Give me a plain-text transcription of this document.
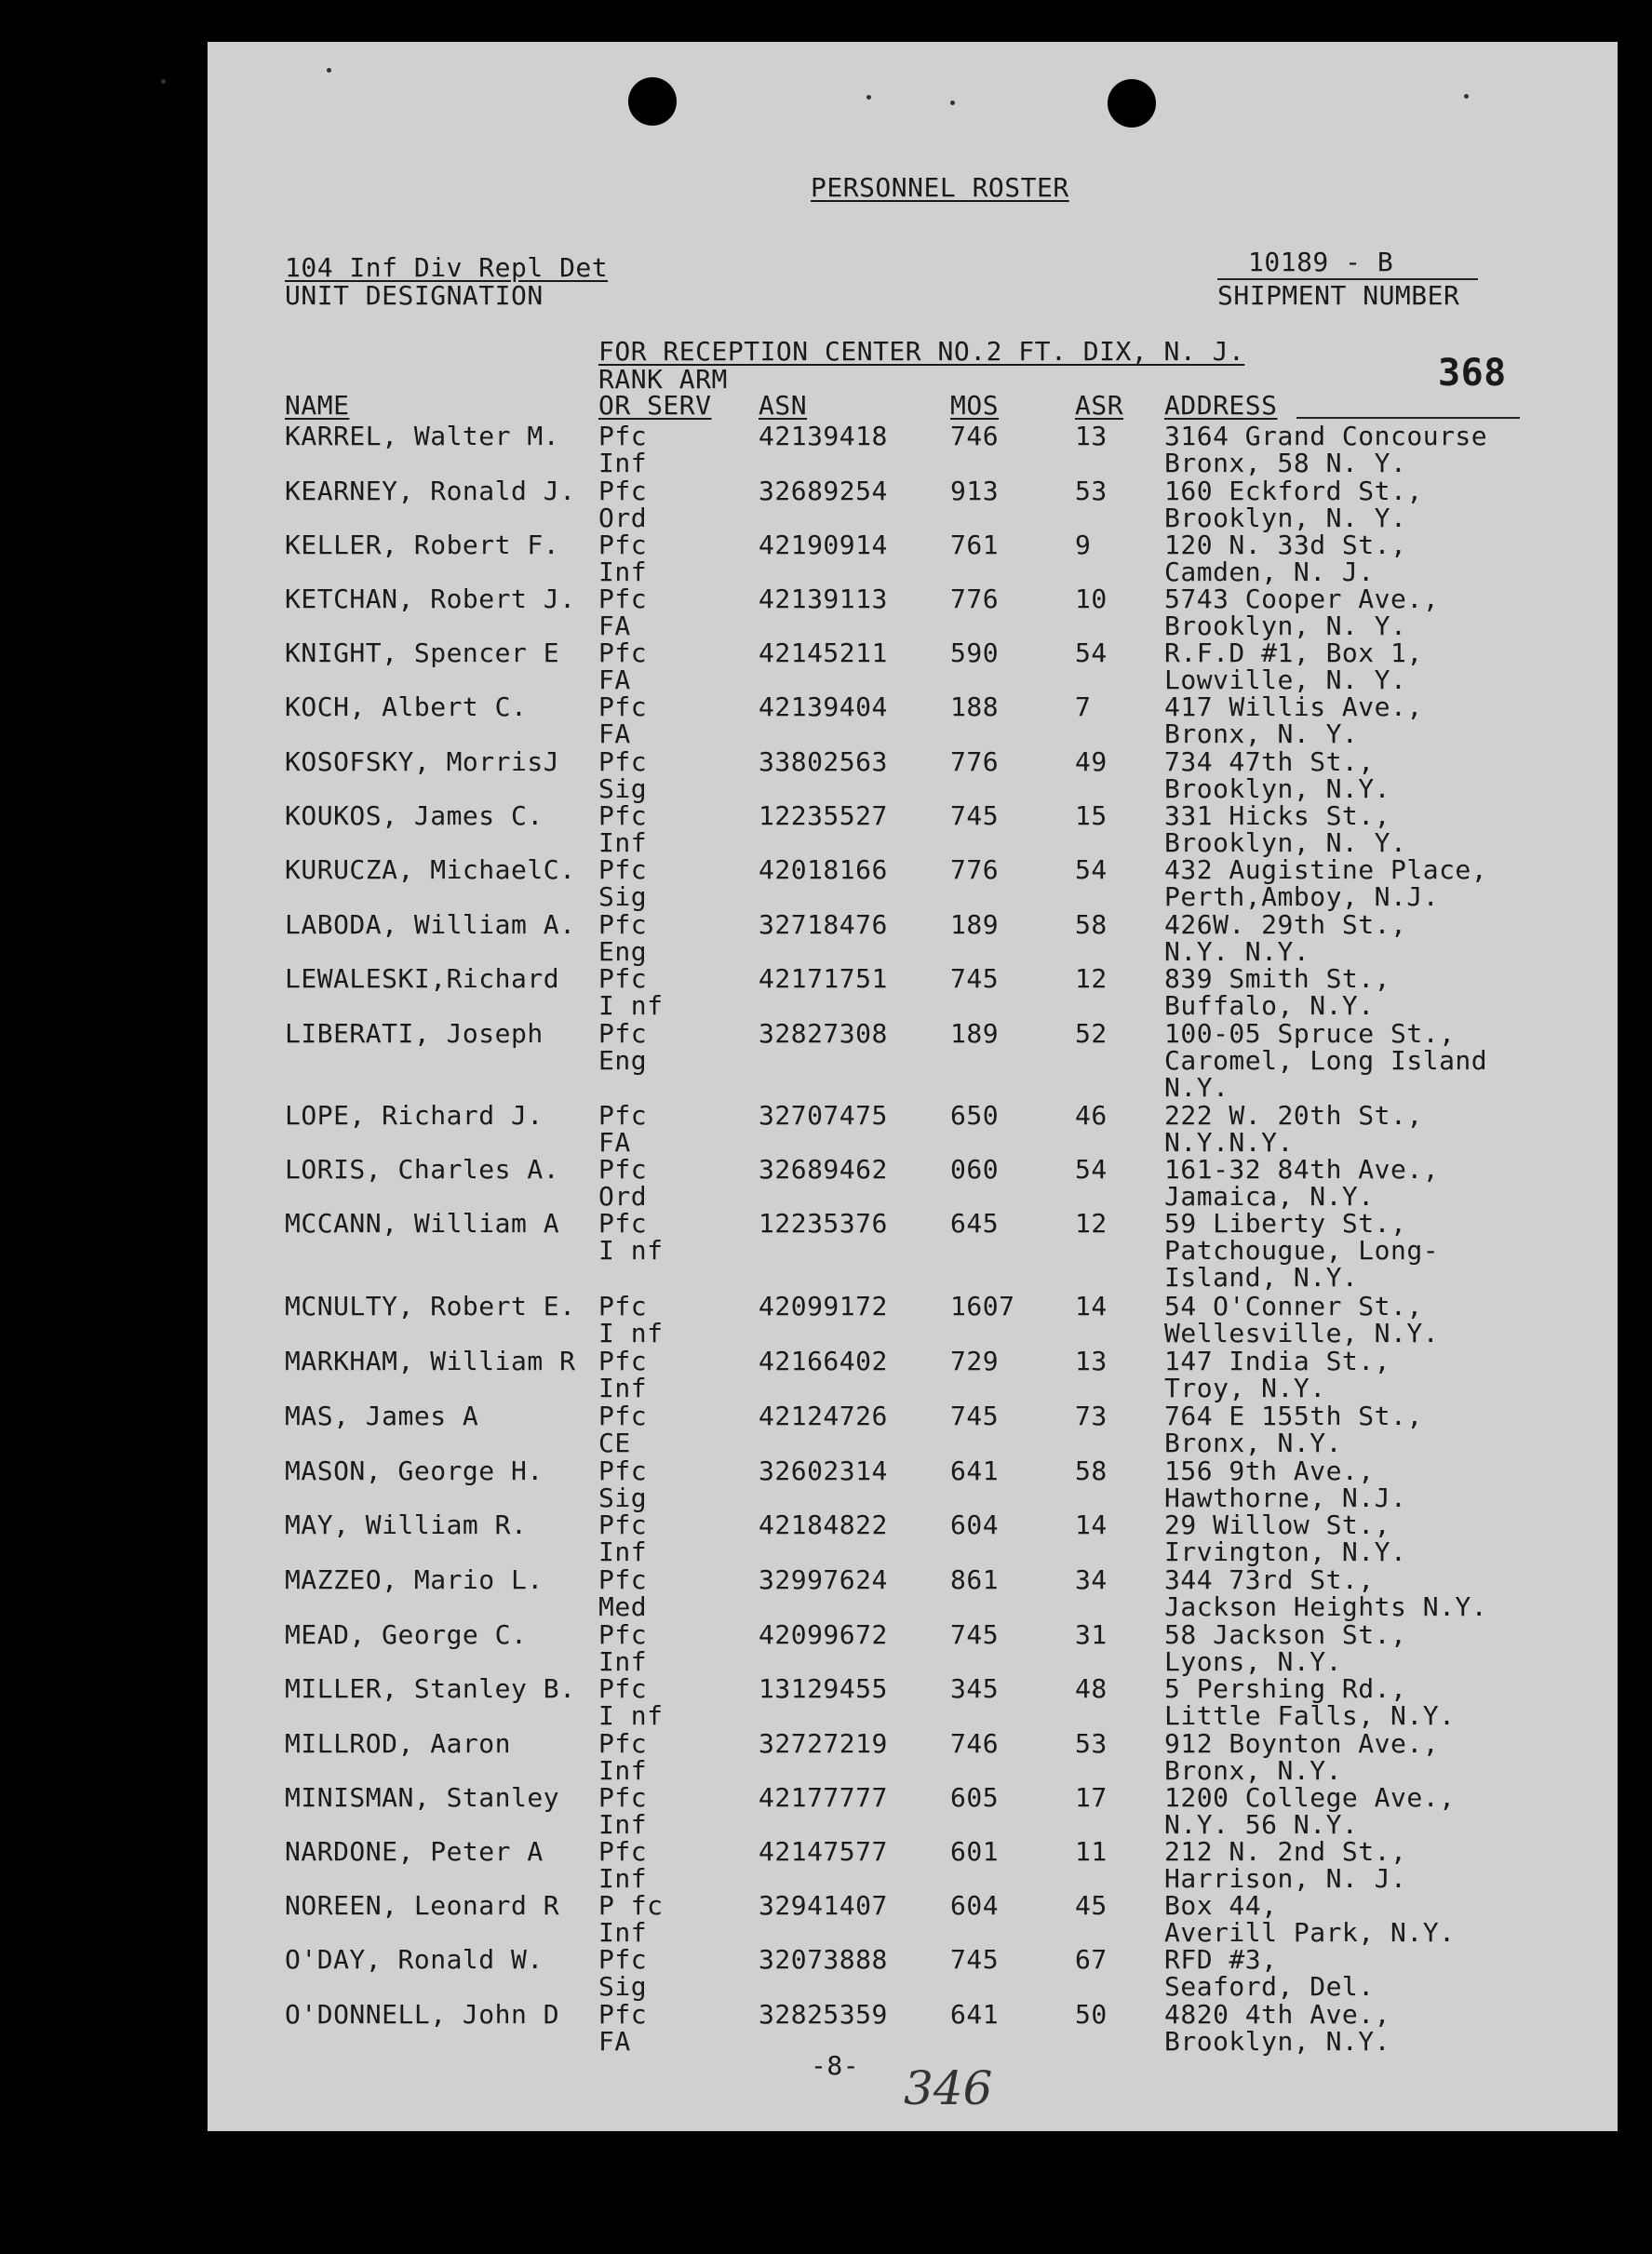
PERSONNEL ROSTER
104 Inf Div Repl Det
UNIT DESIGNATION
10189 - B
SHIPMENT NUMBER
FOR RECEPTION CENTER NO.2 FT. DIX, N. J.
368
RANK ARM
NAME	OR SERV ASN	MOS	ASR ADDRESS
KARREL, Walter M. Pfc
Inf
42139418 746	13 3164 Grand Concourse
Bronx, 58 N. Y.
KEARNEY, Ronald J. Pfc
Ord
32689254 913	53 160 Eckford St.,
Brooklyn, N. Y.
KELLER, Robert F. Pfc
Inf
42190914 761	9	120 N. 33d St.,
Camden, N. J.
KETCHAN, Robert J. Pfc
FA
42139113 776	10 5743 Cooper Ave.,
Brooklyn, N. Y.
KNIGHT, Spencer E Pfc
FA
42145211 590	54 R.F.D #1, Box 1,
Lowville, N. Y.
KOCH, Albert C.	Pfc
FA
42139404 188	7	417 Willis Ave.,
Bronx, N. Y.
KOSOFSKY, MorrisJ Pfc
Sig
33802563 776	49 734 47th St.,
Brooklyn, N.Y.
KOUKOS, James C. Pfc
Inf
12235527 745	15 331 Hicks St.,
Brooklyn, N. Y.
KURUCZA, MichaelC. Pfc
Sig
42018166 776	54 432 Augistine Place,
Perth,Amboy, N.J.
LABODA, William A. Pfc
Eng
32718476 189	58 426W. 29th St.,
N.Y. N.Y.
LEWALESKI,Richard Pfc
I nf
42171751 745	12 839 Smith St.,
Buffalo, N.Y.
LIBERATI, Joseph Pfc
Eng
32827308 189	52 100-05 Spruce St.,
Caromel, Long Island
N.Y.
LOPE, Richard J. Pfc
FA
32707475 650	46 222 W. 20th St.,
N.Y.N.Y.
LORIS, Charles A. Pfc
Ord
32689462 060	54 161-32 84th Ave.,
Jamaica, N.Y.
MCCANN, William A Pfc
I nf
12235376 645	12 59 Liberty St.,
Patchougue, Long-
Island, N.Y.
MCNULTY, Robert E. Pfc
I nf
42099172 1607 14 54 O'Conner St.,
Wellesville, N.Y.
MARKHAM, William R Pfc
Inf
42166402 729	13 147 India St.,
Troy, N.Y.
MAS, James A	Pfc
CE
42124726 745	73 764 E 155th St.,
Bronx, N.Y.
MASON, George H. Pfc
Sig
32602314 641	58 156 9th Ave.,
Hawthorne, N.J.
MAY, William R.	Pfc
Inf
42184822 604	14 29 Willow St.,
Irvington, N.Y.
MAZZEO, Mario L. Pfc
Med
32997624 861	34 344 73rd St.,
Jackson Heights N.Y.
MEAD, George C.	Pfc
Inf
42099672 745	31 58 Jackson St.,
Lyons, N.Y.
MILLER, Stanley B. Pfc
I nf
13129455 345	48 5 Pershing Rd.,
Little Falls, N.Y.
MILLROD, Aaron	Pfc
Inf
32727219 746	53 912 Boynton Ave.,
Bronx, N.Y.
MINISMAN, Stanley Pfc
Inf
42177777 605	17 1200 College Ave.,
N.Y. 56 N.Y.
NARDONE, Peter A Pfc
Inf
42147577 601	11 212 N. 2nd St.,
Harrison, N. J.
NOREEN, Leonard R P fc
Inf
32941407 604	45 Box 44,
Averill Park, N.Y.
O'DAY, Ronald W. Pfc
Sig
32073888 745	67 RFD #3,
Seaford, Del.
O'DONNELL, John D Pfc
FA
32825359 641	50 4820 4th Ave.,
Brooklyn, N.Y.
-8- 346
